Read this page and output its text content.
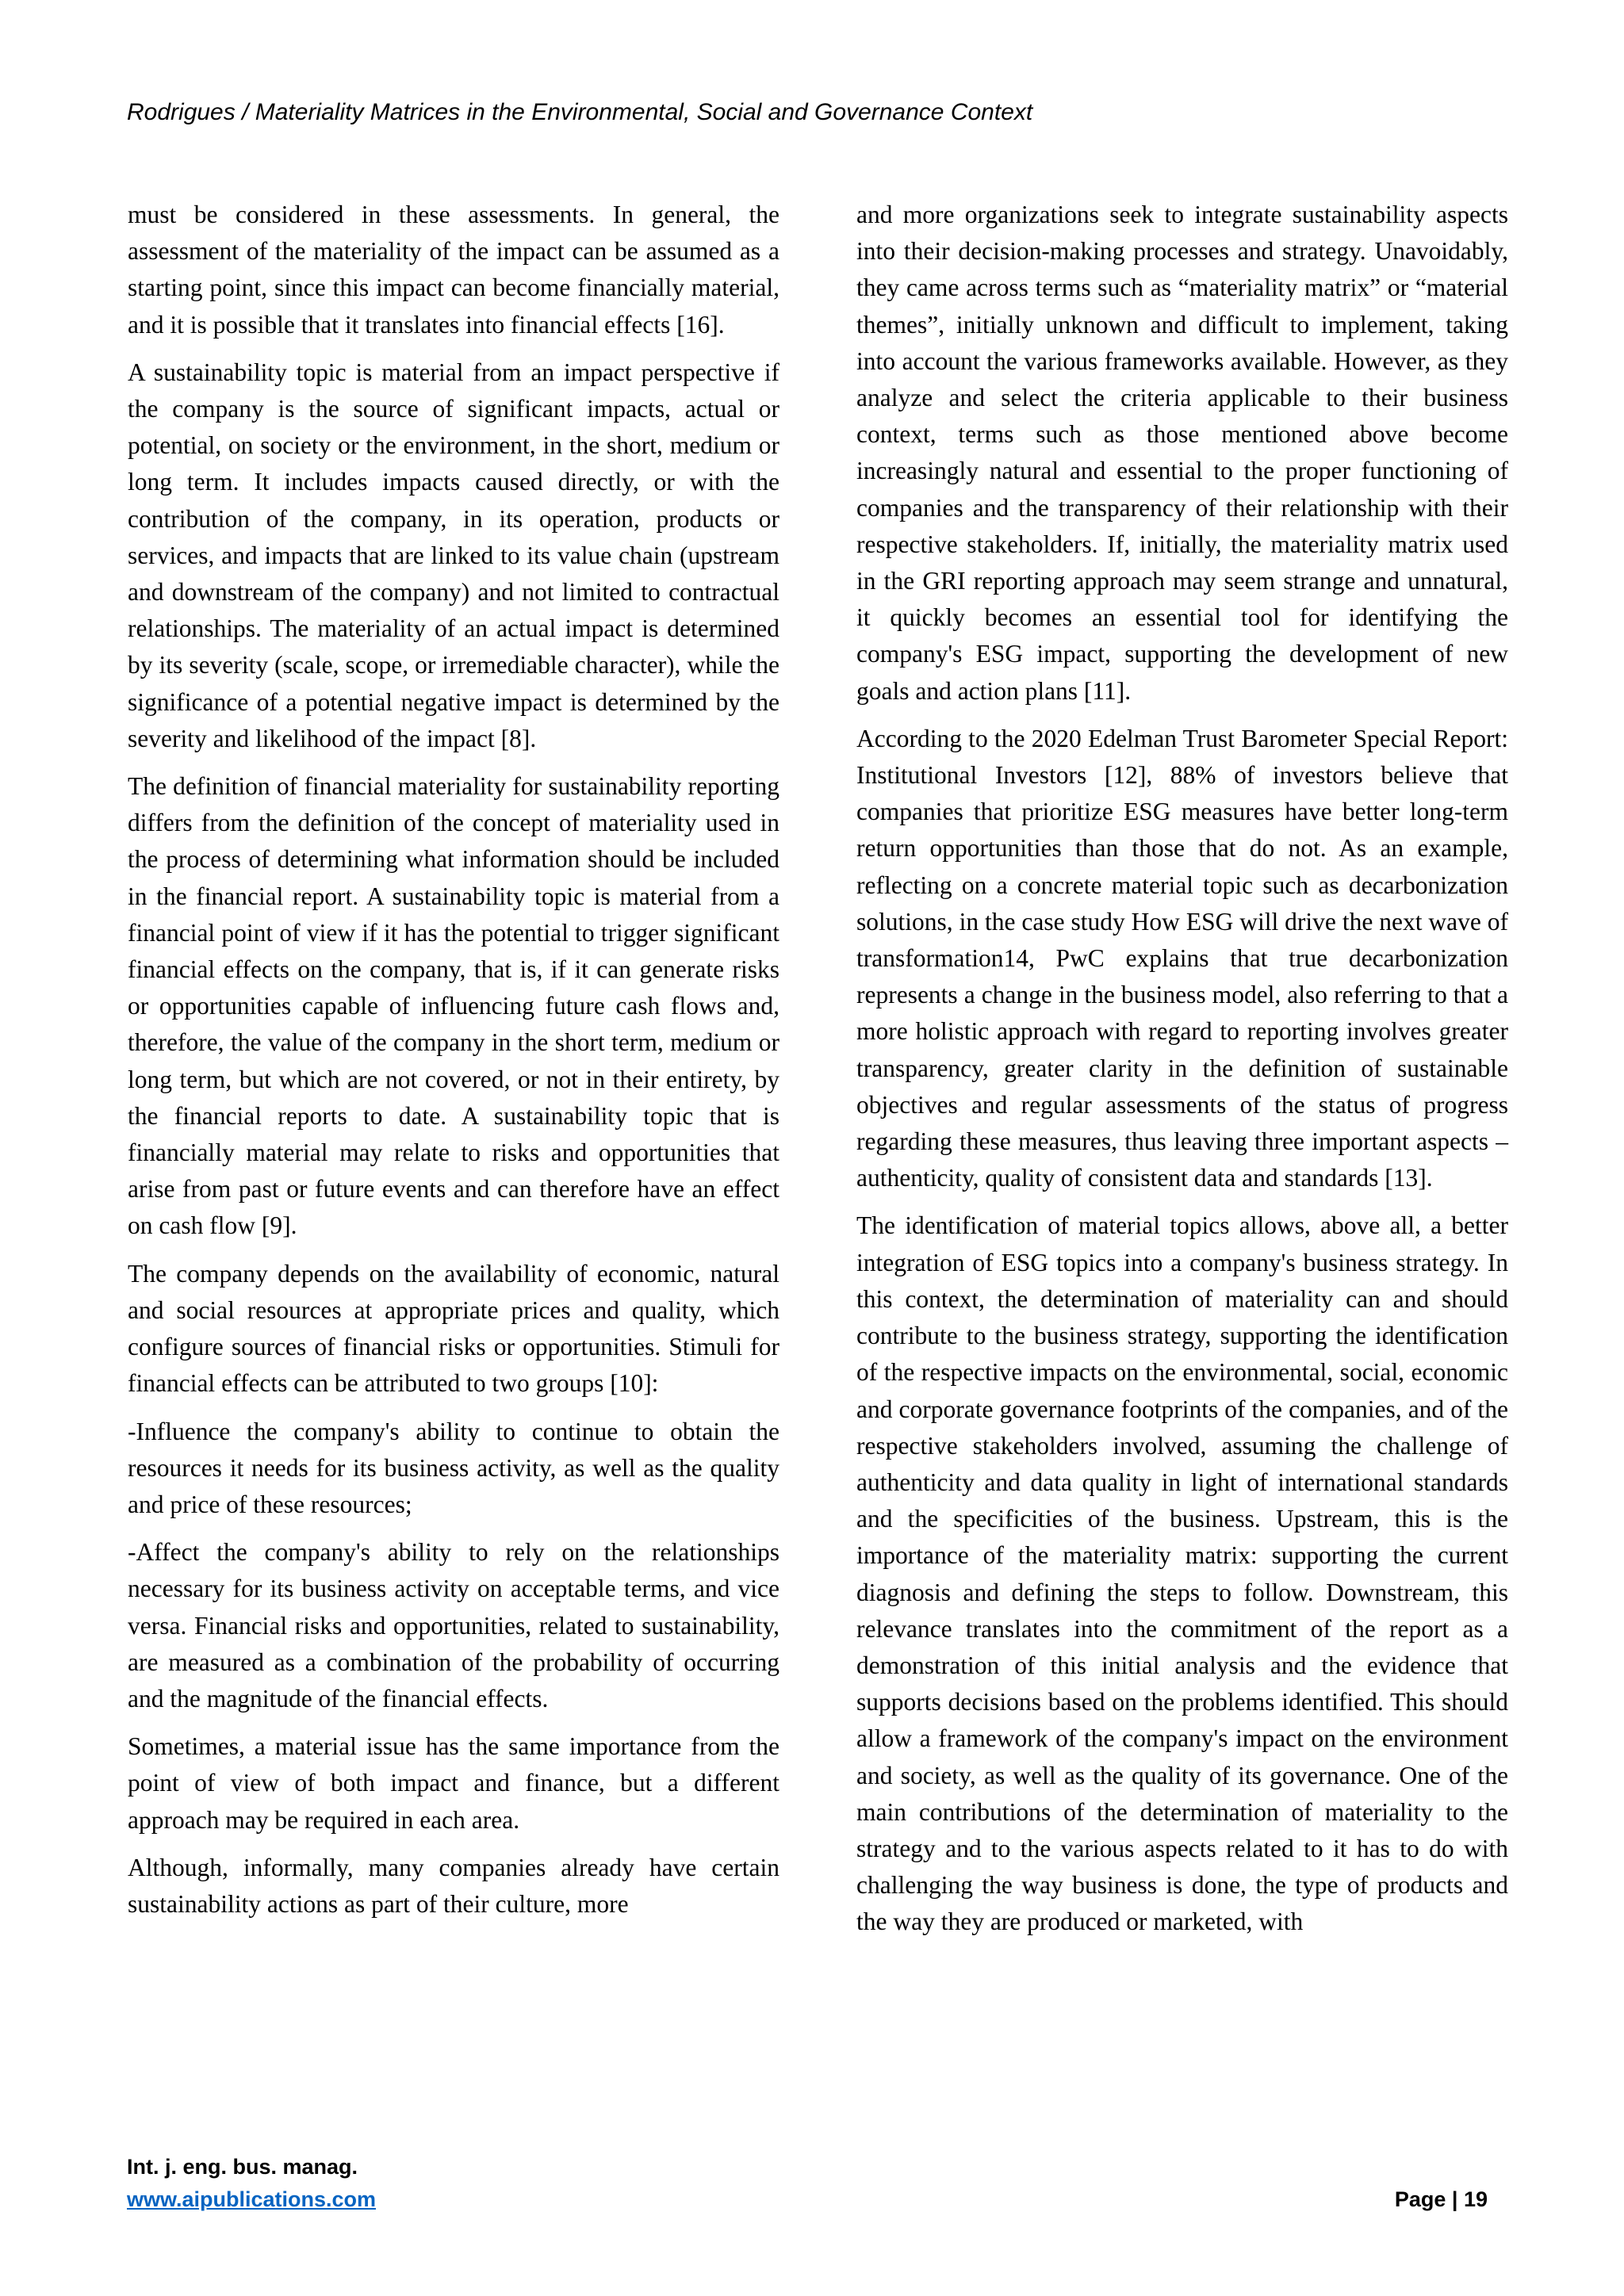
Rodrigues / Materiality Matrices in the Environmental, Social and Governance Context

must be considered in these assessments. In general, the assessment of the materiality of the impact can be assumed as a starting point, since this impact can become financially material, and it is possible that it translates into financial effects [16].

A sustainability topic is material from an impact perspective if the company is the source of significant impacts, actual or potential, on society or the environment, in the short, medium or long term. It includes impacts caused directly, or with the contribution of the company, in its operation, products or services, and impacts that are linked to its value chain (upstream and downstream of the company) and not limited to contractual relationships. The materiality of an actual impact is determined by its severity (scale, scope, or irremediable character), while the significance of a potential negative impact is determined by the severity and likelihood of the impact [8].

The definition of financial materiality for sustainability reporting differs from the definition of the concept of materiality used in the process of determining what information should be included in the financial report. A sustainability topic is material from a financial point of view if it has the potential to trigger significant financial effects on the company, that is, if it can generate risks or opportunities capable of influencing future cash flows and, therefore, the value of the company in the short term, medium or long term, but which are not covered, or not in their entirety, by the financial reports to date. A sustainability topic that is financially material may relate to risks and opportunities that arise from past or future events and can therefore have an effect on cash flow [9].

The company depends on the availability of economic, natural and social resources at appropriate prices and quality, which configure sources of financial risks or opportunities. Stimuli for financial effects can be attributed to two groups [10]:

-Influence the company's ability to continue to obtain the resources it needs for its business activity, as well as the quality and price of these resources;

-Affect the company's ability to rely on the relationships necessary for its business activity on acceptable terms, and vice versa. Financial risks and opportunities, related to sustainability, are measured as a combination of the probability of occurring and the magnitude of the financial effects.

Sometimes, a material issue has the same importance from the point of view of both impact and finance, but a different approach may be required in each area.

Although, informally, many companies already have certain sustainability actions as part of their culture, more

and more organizations seek to integrate sustainability aspects into their decision-making processes and strategy. Unavoidably, they came across terms such as “materiality matrix” or “material themes”, initially unknown and difficult to implement, taking into account the various frameworks available. However, as they analyze and select the criteria applicable to their business context, terms such as those mentioned above become increasingly natural and essential to the proper functioning of companies and the transparency of their relationship with their respective stakeholders. If, initially, the materiality matrix used in the GRI reporting approach may seem strange and unnatural, it quickly becomes an essential tool for identifying the company's ESG impact, supporting the development of new goals and action plans [11].

According to the 2020 Edelman Trust Barometer Special Report: Institutional Investors [12], 88% of investors believe that companies that prioritize ESG measures have better long-term return opportunities than those that do not. As an example, reflecting on a concrete material topic such as decarbonization solutions, in the case study How ESG will drive the next wave of transformation14, PwC explains that true decarbonization represents a change in the business model, also referring to that a more holistic approach with regard to reporting involves greater transparency, greater clarity in the definition of sustainable objectives and regular assessments of the status of progress regarding these measures, thus leaving three important aspects – authenticity, quality of consistent data and standards [13].

The identification of material topics allows, above all, a better integration of ESG topics into a company's business strategy. In this context, the determination of materiality can and should contribute to the business strategy, supporting the identification of the respective impacts on the environmental, social, economic and corporate governance footprints of the companies, and of the respective stakeholders involved, assuming the challenge of authenticity and data quality in light of international standards and the specificities of the business. Upstream, this is the importance of the materiality matrix: supporting the current diagnosis and defining the steps to follow. Downstream, this relevance translates into the commitment of the report as a demonstration of this initial analysis and the evidence that supports decisions based on the problems identified. This should allow a framework of the company's impact on the environment and society, as well as the quality of its governance. One of the main contributions of the determination of materiality to the strategy and to the various aspects related to it has to do with challenging the way business is done, the type of products and the way they are produced or marketed, with

Int. j. eng. bus. manag.
www.aipublications.com	Page | 19
